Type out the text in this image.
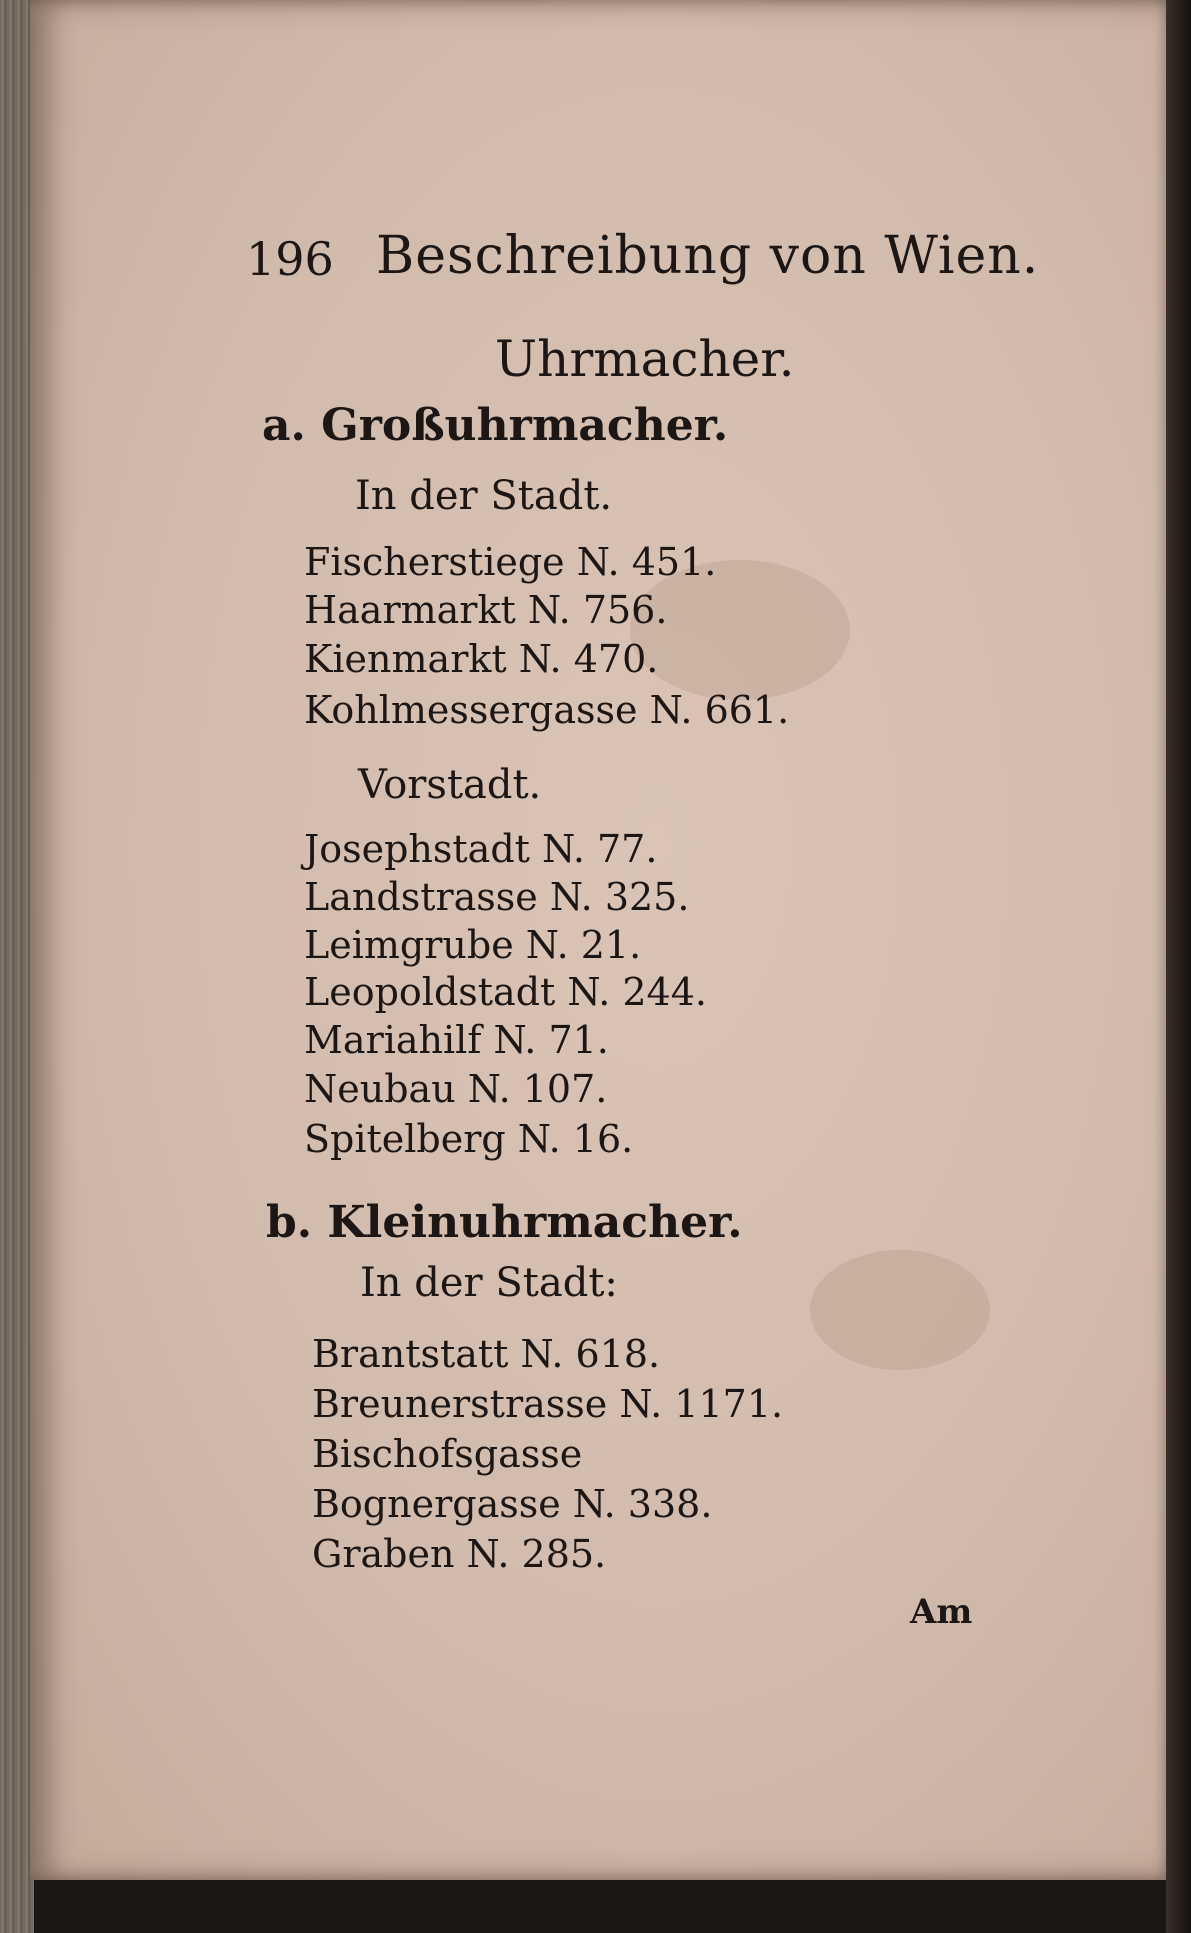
196 Beschreibung von Wien.
Uhrmacher.
a. Großuhrmacher.
In der Stadt.
Fischerstiege N. 451.
Haarmarkt N. 756.
Kienmarkt N. 470.
Kohlmessergasse N. 661.
Vorstadt.
Josephstadt N. 77.
Landstrasse N. 325.
Leimgrube N. 21.
Leopoldstadt N. 244.
Mariahilf N. 71.
Neubau N. 107.
Spitelberg N. 16.
b. Kleinuhrmacher.
In der Stadt:
Brantstatt N. 618.
Breunerstrasse N. 1171.
Bischofsgasse
Bognergasse N. 338.
Graben N. 285.
Am
